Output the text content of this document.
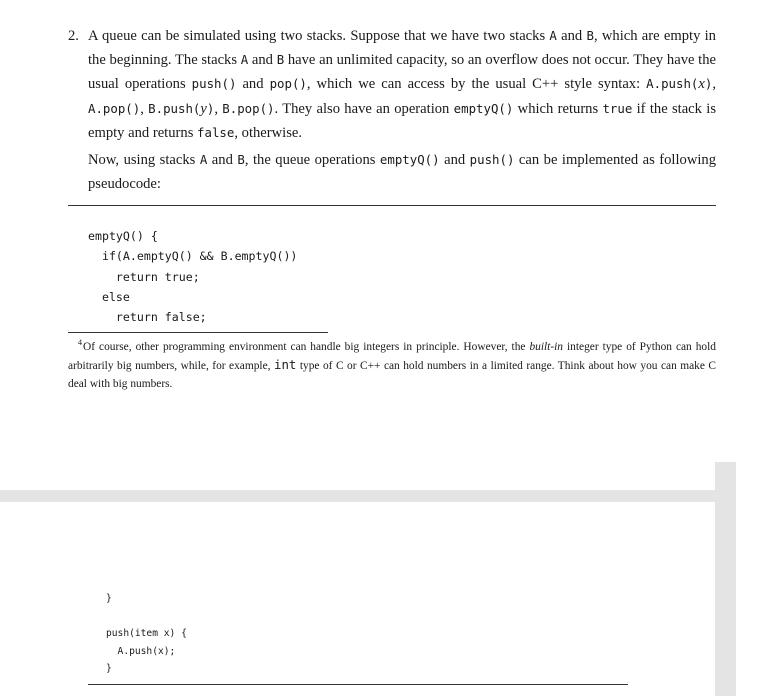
2. A queue can be simulated using two stacks. Suppose that we have two stacks A and B, which are empty in the beginning. The stacks A and B have an unlimited capacity, so an overflow does not occur. They have the usual operations push() and pop(), which we can access by the usual C++ style syntax: A.push(x), A.pop(), B.push(y), B.pop(). They also have an operation emptyQ() which returns true if the stack is empty and returns false, otherwise.
Now, using stacks A and B, the queue operations emptyQ() and push() can be implemented as following pseudocode:
emptyQ() {
if(A.emptyQ() && B.emptyQ())
return true;
else
return false;
$^4$Of course, other programming environment can handle big integers in principle. However, the built-in integer type of Python can hold arbitrarily big numbers, while, for example, int type of C or C++ can hold numbers in a limited range. Think about how you can make C deal with big numbers.
}
push(item x) {
A.push(x);
}
